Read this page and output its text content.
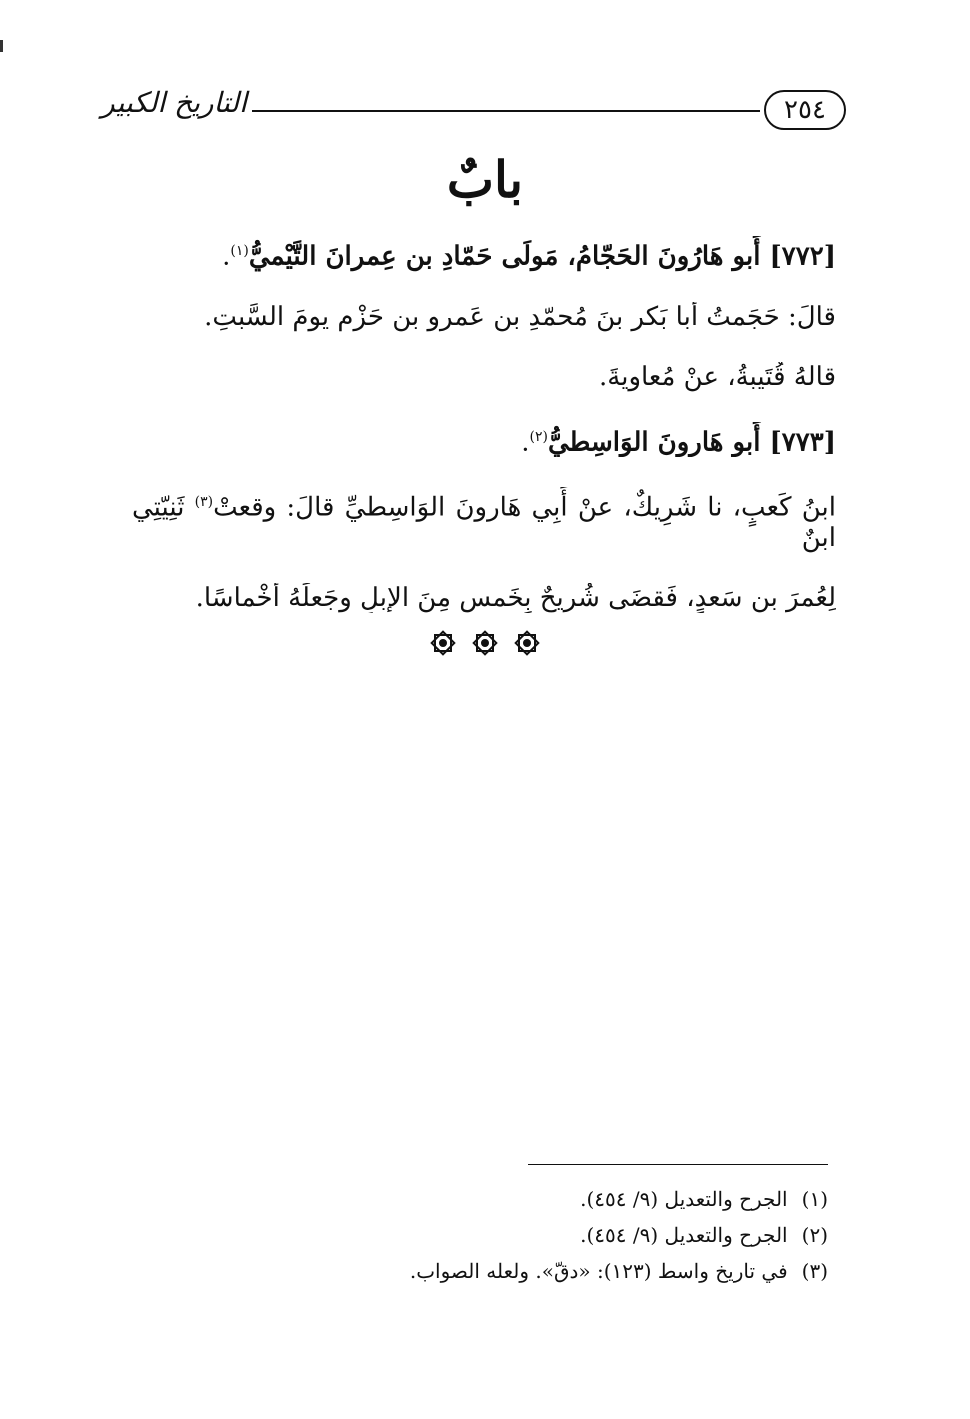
٢٥٤
التاريخ الكبير
بابٌ

[٧٧٢] أَبو هَارُونَ الحَجّامُ، مَولَى حَمّادِ بنِ عِمرانَ التَّيْميُّ$^{(١)}$.

قالَ: حَجَمتُ أَبا بَكرِ بنَ مُحمّدِ بنِ عَمرِو بنِ حَزْمٍ يومَ السَّبتِ.

قالهُ قُتَيبةُ، عنْ مُعاوِيةَ.

[٧٧٣] أَبو هَارونَ الوَاسِطيُّ$^{(٢)}$.

ابنُ كَعبٍ، نا شَرِيكٌ، عنْ أَبِي هَارونَ الوَاسِطيِّ قالَ: وقعتْ$^{(٣)}$ ثَنِيّتِي ابنٌ

لِعُمرَ بنِ سَعدٍ، فَقضَى شُريحٌ بِخَمسٍ مِنَ الإبلِ وجَعلَهُ أَخْماسًا.

(١)الجرح والتعديل (٩/ ٤٥٤).

(٢)الجرح والتعديل (٩/ ٤٥٤).

(٣)في تاريخ واسط (١٢٣): «دقّ». ولعله الصواب.
